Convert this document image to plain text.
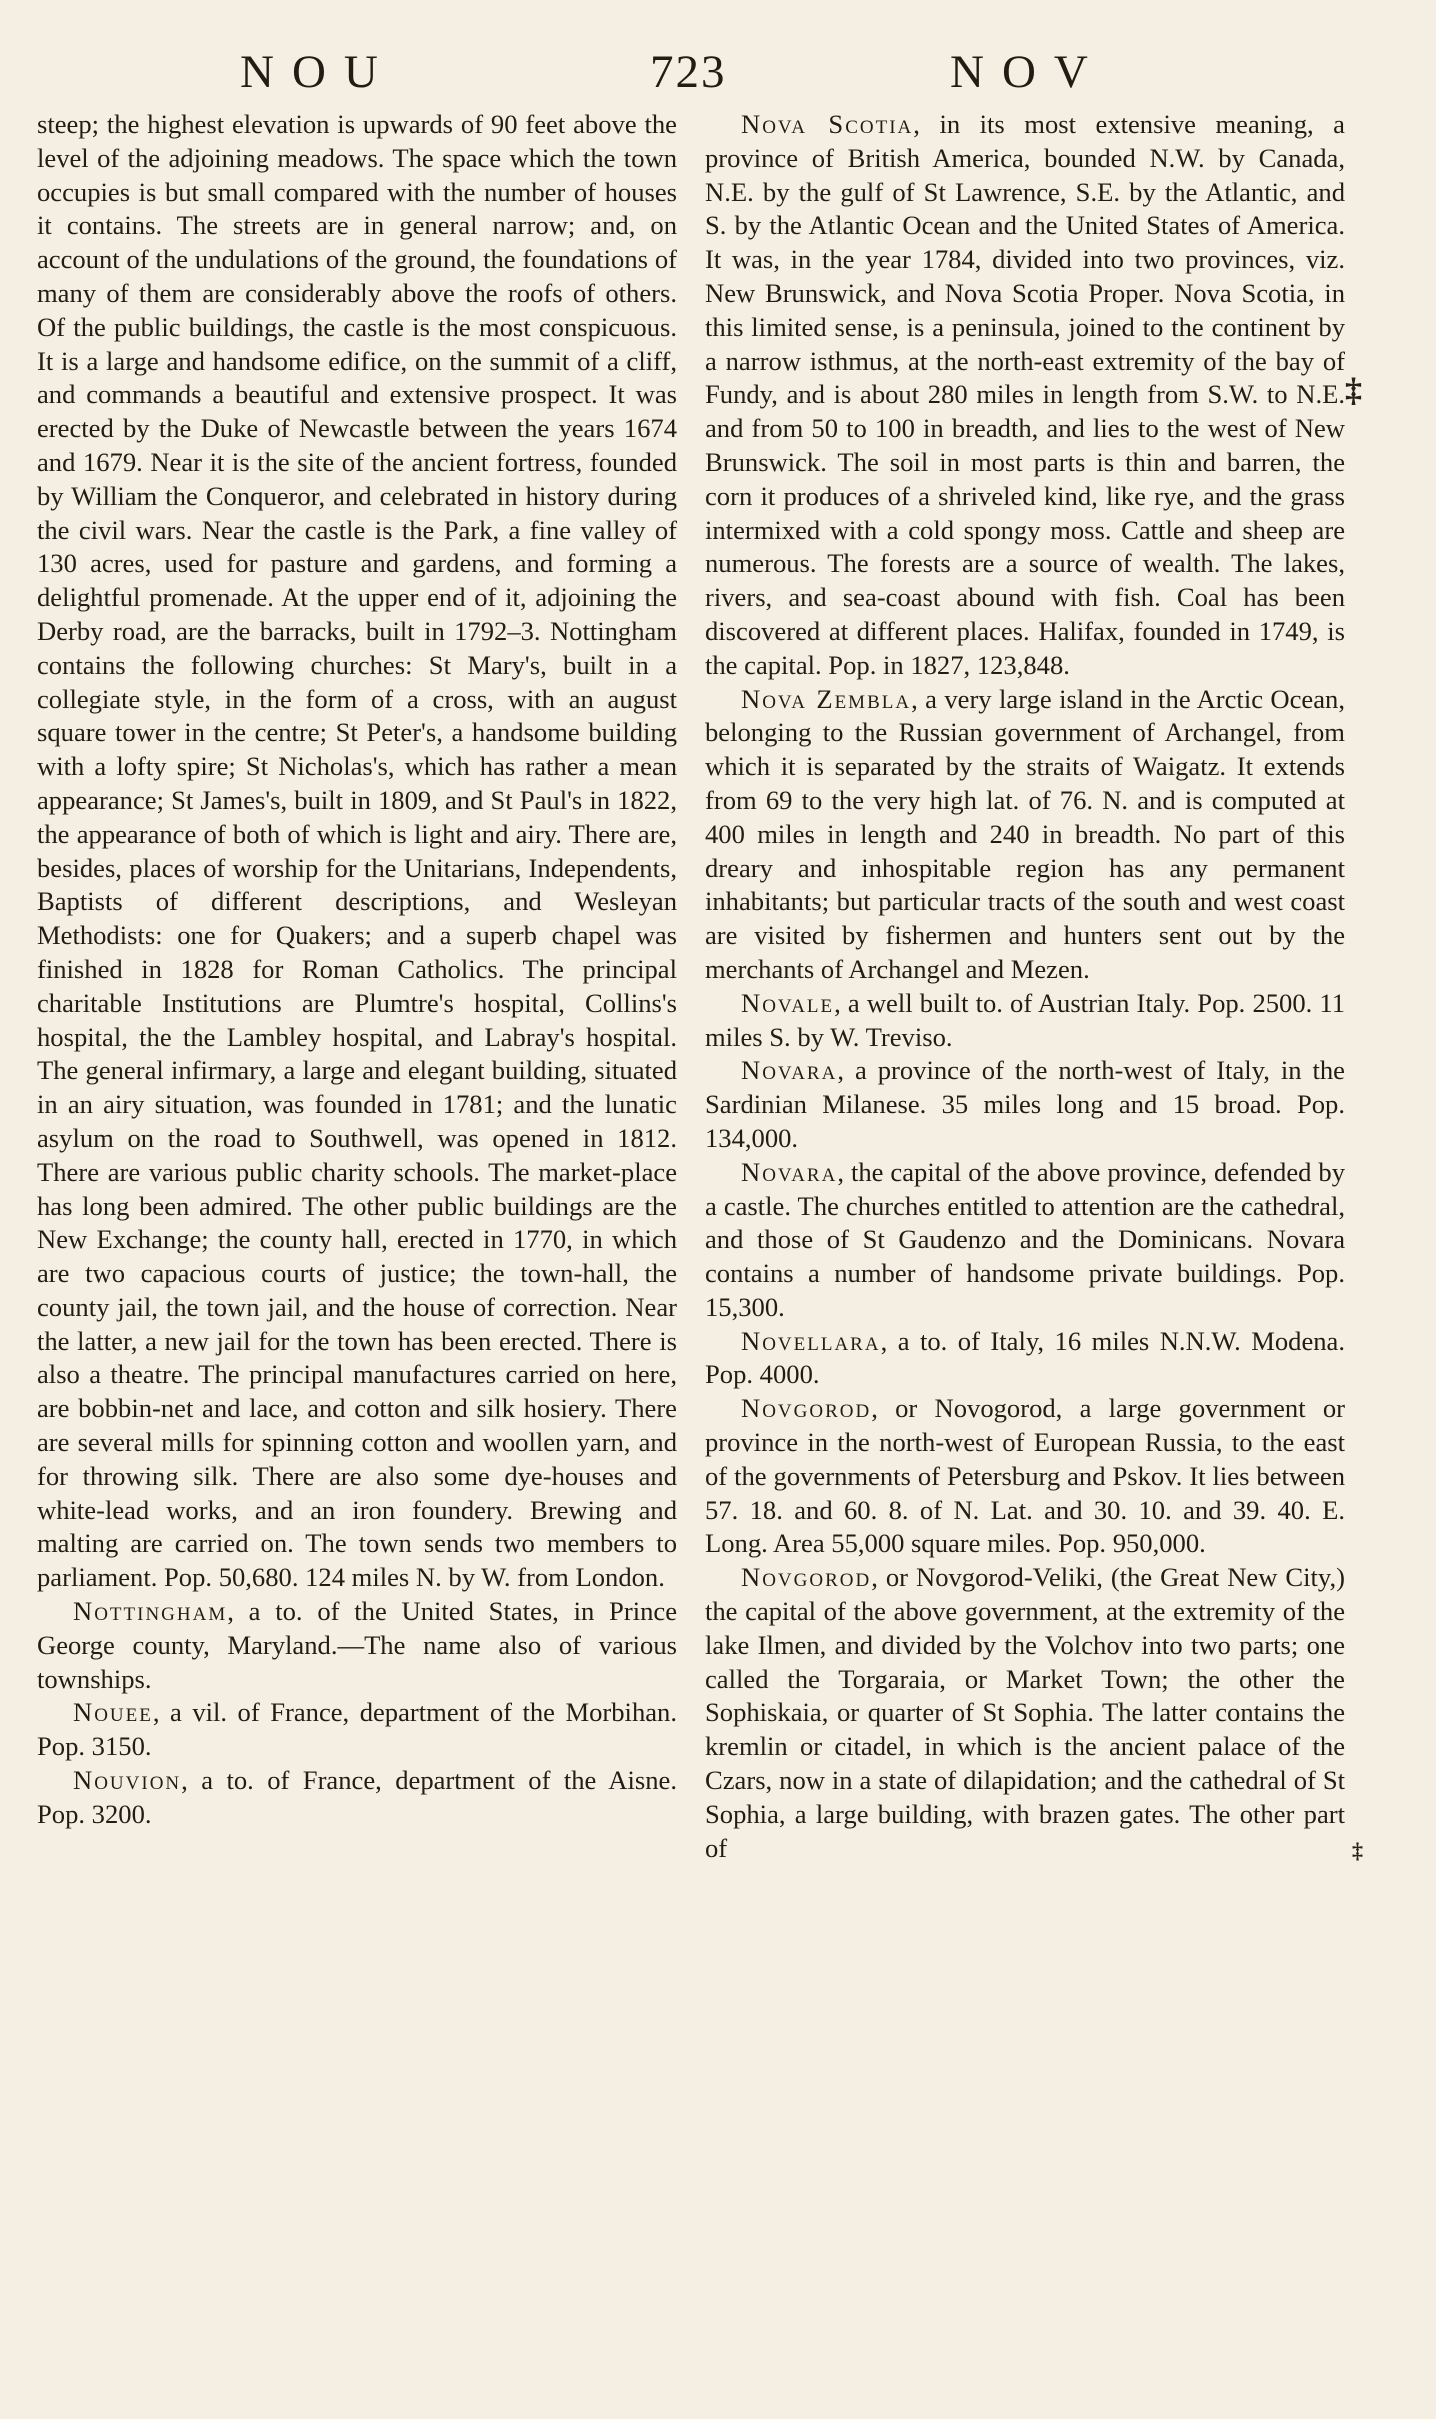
NOU	723	NOV

steep; the highest elevation is upwards of 90 feet above the level of the adjoining meadows. The space which the town occupies is but small compared with the number of houses it contains. The streets are in general narrow; and, on account of the undulations of the ground, the foundations of many of them are considerably above the roofs of others. Of the public buildings, the castle is the most conspicuous. It is a large and handsome edifice, on the summit of a cliff, and commands a beautiful and extensive prospect. It was erected by the Duke of Newcastle between the years 1674 and 1679. Near it is the site of the ancient fortress, founded by William the Conqueror, and celebrated in history during the civil wars. Near the castle is the Park, a fine valley of 130 acres, used for pasture and gardens, and forming a delightful promenade. At the upper end of it, adjoining the Derby road, are the barracks, built in 1792–3. Nottingham contains the following churches: St Mary's, built in a collegiate style, in the form of a cross, with an august square tower in the centre; St Peter's, a handsome building with a lofty spire; St Nicholas's, which has rather a mean appearance; St James's, built in 1809, and St Paul's in 1822, the appearance of both of which is light and airy. There are, besides, places of worship for the Unitarians, Independents, Baptists of different descriptions, and Wesleyan Methodists: one for Quakers; and a superb chapel was finished in 1828 for Roman Catholics. The principal charitable Institutions are Plumtre's hospital, Collins's hospital, the the Lambley hospital, and Labray's hospital. The general infirmary, a large and elegant building, situated in an airy situation, was founded in 1781; and the lunatic asylum on the road to Southwell, was opened in 1812. There are various public charity schools. The market-place has long been admired. The other public buildings are the New Exchange; the county hall, erected in 1770, in which are two capacious courts of justice; the town-hall, the county jail, the town jail, and the house of correction. Near the latter, a new jail for the town has been erected. There is also a theatre. The principal manufactures carried on here, are bobbin-net and lace, and cotton and silk hosiery. There are several mills for spinning cotton and woollen yarn, and for throwing silk. There are also some dye-houses and white-lead works, and an iron foundery. Brewing and malting are carried on. The town sends two members to parliament. Pop. 50,680. 124 miles N. by W. from London.

Nottingham, a to. of the United States, in Prince George county, Maryland.—The name also of various townships.

Nouee, a vil. of France, department of the Morbihan. Pop. 3150.

Nouvion, a to. of France, department of the Aisne. Pop. 3200.

Nova Scotia, in its most extensive meaning, a province of British America, bounded N.W. by Canada, N.E. by the gulf of St Lawrence, S.E. by the Atlantic, and S. by the Atlantic Ocean and the United States of America. It was, in the year 1784, divided into two provinces, viz. New Brunswick, and Nova Scotia Proper. Nova Scotia, in this limited sense, is a peninsula, joined to the continent by a narrow isthmus, at the north-east extremity of the bay of Fundy, and is about 280 miles in length from S.W. to N.E. and from 50 to 100 in breadth, and lies to the west of New Brunswick. The soil in most parts is thin and barren, the corn it produces of a shriveled kind, like rye, and the grass intermixed with a cold spongy moss. Cattle and sheep are numerous. The forests are a source of wealth. The lakes, rivers, and sea-coast abound with fish. Coal has been discovered at different places. Halifax, founded in 1749, is the capital. Pop. in 1827, 123,848.

Nova Zembla, a very large island in the Arctic Ocean, belonging to the Russian government of Archangel, from which it is separated by the straits of Waigatz. It extends from 69 to the very high lat. of 76. N. and is computed at 400 miles in length and 240 in breadth. No part of this dreary and inhospitable region has any permanent inhabitants; but particular tracts of the south and west coast are visited by fishermen and hunters sent out by the merchants of Archangel and Mezen.

Novale, a well built to. of Austrian Italy. Pop. 2500. 11 miles S. by W. Treviso.

Novara, a province of the north-west of Italy, in the Sardinian Milanese. 35 miles long and 15 broad. Pop. 134,000.

Novara, the capital of the above province, defended by a castle. The churches entitled to attention are the cathedral, and those of St Gaudenzo and the Dominicans. Novara contains a number of handsome private buildings. Pop. 15,300.

Novellara, a to. of Italy, 16 miles N.N.W. Modena. Pop. 4000.

Novgorod, or Novogorod, a large government or province in the north-west of European Russia, to the east of the governments of Petersburg and Pskov. It lies between 57. 18. and 60. 8. of N. Lat. and 30. 10. and 39. 40. E. Long. Area 55,000 square miles. Pop. 950,000.

Novgorod, or Novgorod-Veliki, (the Great New City,) the capital of the above government, at the extremity of the lake Ilmen, and divided by the Volchov into two parts; one called the Torgaraia, or Market Town; the other the Sophiskaia, or quarter of St Sophia. The latter contains the kremlin or citadel, in which is the ancient palace of the Czars, now in a state of dilapidation; and the cathedral of St Sophia, a large building, with brazen gates. The other part of

‡
‡
